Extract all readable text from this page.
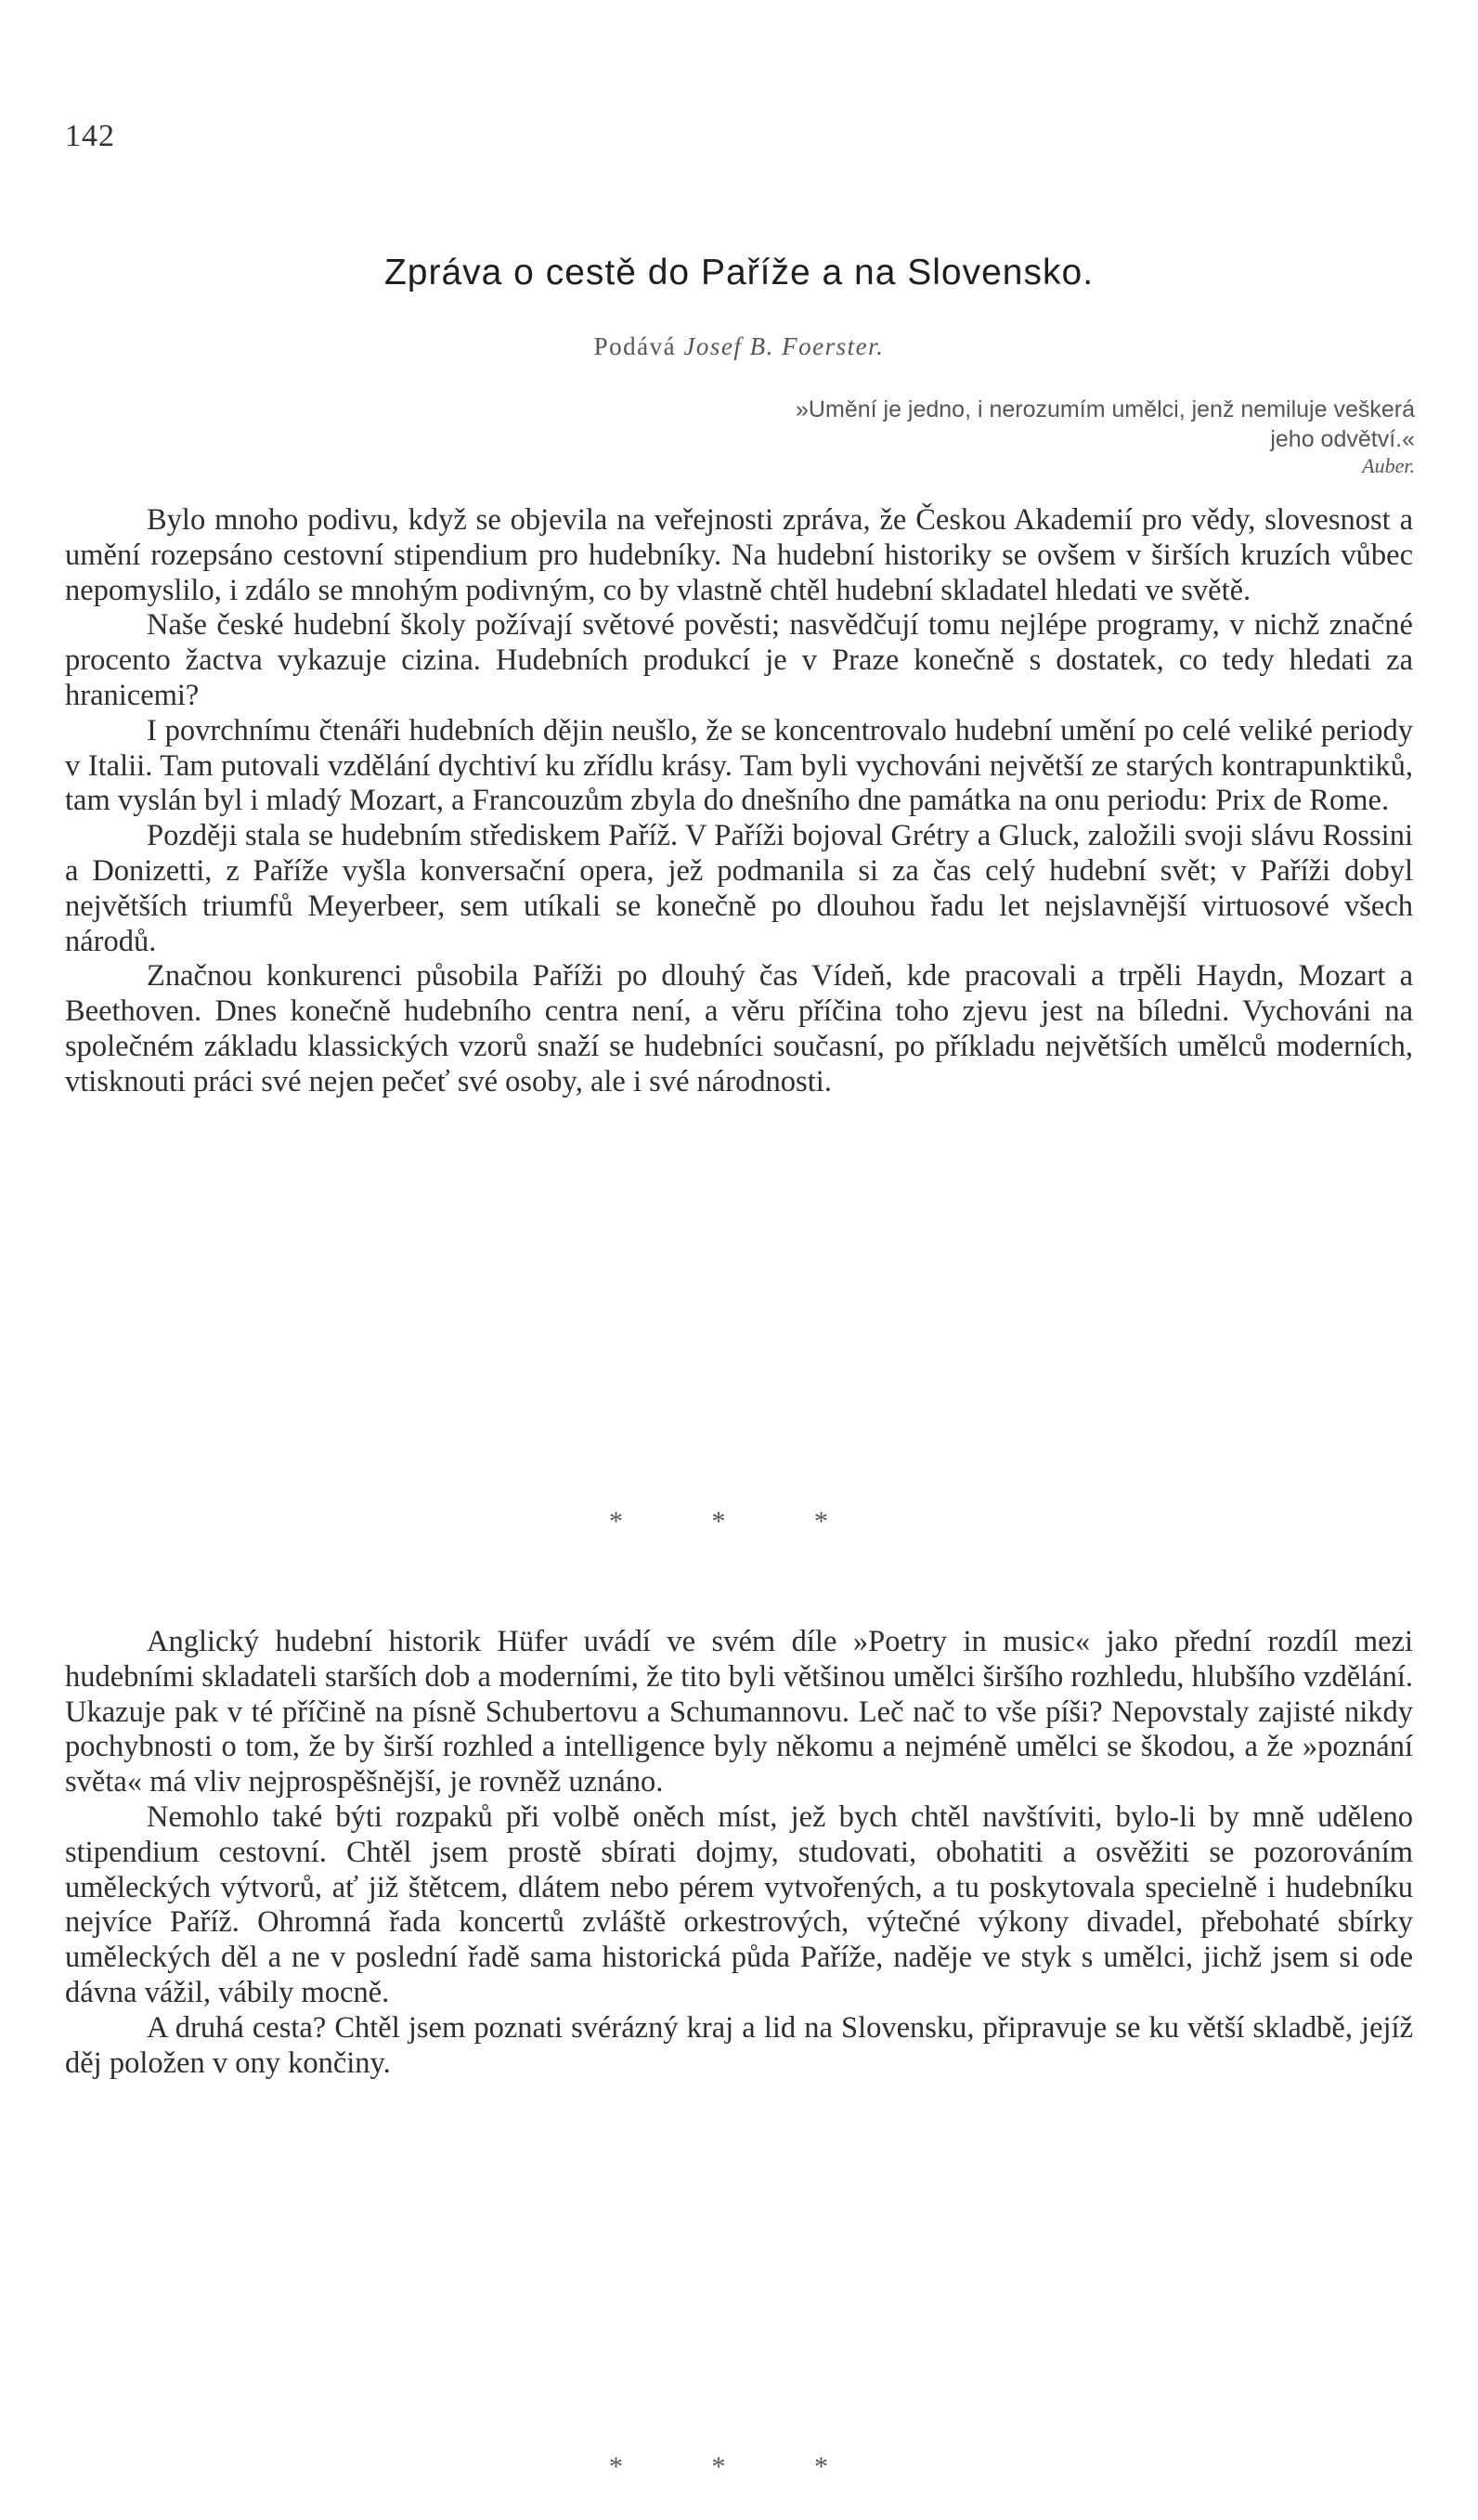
142
Zpráva o cestě do Paříže a na Slovensko.
Podává Josef B. Foerster.
»Umění je jedno, i nerozumím umělci, jenž nemiluje veškerá jeho odvětví.«
Auber.

Bylo mnoho podivu, když se objevila na veřejnosti zpráva, že Českou Akademií pro vědy, slovesnost a umění rozepsáno cestovní stipendium pro hudebníky. Na hudební historiky se ovšem v širších kruzích vůbec nepomyslilo, i zdálo se mnohým podivným, co by vlastně chtěl hudební skladatel hledati ve světě.

Naše české hudební školy požívají světové pověsti; nasvědčují tomu nejlépe programy, v nichž značné procento žactva vykazuje cizina. Hudebních produkcí je v Praze konečně s dostatek, co tedy hledati za hranicemi?

I povrchnímu čtenáři hudebních dějin neušlo, že se koncentrovalo hudební umění po celé veliké periody v Italii. Tam putovali vzdělání dychtiví ku zřídlu krásy. Tam byli vychováni největší ze starých kontrapunktiků, tam vyslán byl i mladý Mozart, a Francouzům zbyla do dnešního dne památka na onu periodu: Prix de Rome.

Později stala se hudebním střediskem Paříž. V Paříži bojoval Grétry a Gluck, založili svoji slávu Rossini a Donizetti, z Paříže vyšla konversační opera, jež podmanila si za čas celý hudební svět; v Paříži dobyl největších triumfů Meyerbeer, sem utíkali se konečně po dlouhou řadu let nejslavnější virtuosové všech národů.

Značnou konkurenci působila Paříži po dlouhý čas Vídeň, kde pracovali a trpěli Haydn, Mozart a Beethoven. Dnes konečně hudebního centra není, a věru příčina toho zjevu jest na bíledni. Vychováni na společném základu klassických vzorů snaží se hudebníci současní, po příkladu největších umělců moderních, vtisknouti práci své nejen pečeť své osoby, ale i své národnosti.

* * *

Anglický hudební historik Hüfer uvádí ve svém díle »Poetry in music« jako přední rozdíl mezi hudebními skladateli starších dob a moderními, že tito byli většinou umělci širšího rozhledu, hlubšího vzdělání. Ukazuje pak v té příčině na písně Schubertovu a Schumannovu. Leč nač to vše píši? Nepovstaly zajisté nikdy pochybnosti o tom, že by širší rozhled a intelligence byly někomu a nejméně umělci se škodou, a že »poznání světa« má vliv nejprospěšnější, je rovněž uznáno.

Nemohlo také býti rozpaků při volbě oněch míst, jež bych chtěl navštíviti, bylo-li by mně uděleno stipendium cestovní. Chtěl jsem prostě sbírati dojmy, studovati, obohatiti a osvěžiti se pozorováním uměleckých výtvorů, ať již štětcem, dlátem nebo pérem vytvořených, a tu poskytovala specielně i hudebníku nejvíce Paříž. Ohromná řada koncertů zvláště orkestrových, výtečné výkony divadel, přebohaté sbírky uměleckých děl a ne v poslední řadě sama historická půda Paříže, naděje ve styk s umělci, jichž jsem si ode dávna vážil, vábily mocně.

A druhá cesta? Chtěl jsem poznati svérázný kraj a lid na Slovensku, připravuje se ku větší skladbě, jejíž děj položen v ony končiny.

* * *
